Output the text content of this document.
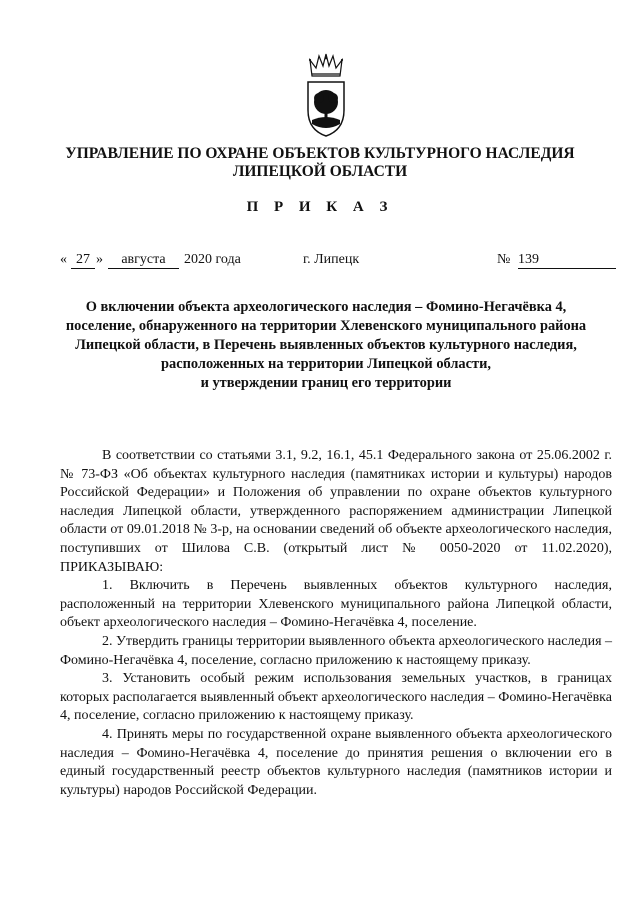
УПРАВЛЕНИЕ ПО ОХРАНЕ ОБЪЕКТОВ КУЛЬТУРНОГО НАСЛЕДИЯ
ЛИПЕЦКОЙ ОБЛАСТИ
П Р И К А З
« 27 »	августа	2020 года	г. Липецк	№ 139
О включении объекта археологического наследия – Фомино-Негачёвка 4,
поселение, обнаруженного на территории Хлевенского муниципального района
Липецкой области, в Перечень выявленных объектов культурного наследия,
расположенных на территории Липецкой области,
и утверждении границ его территории

В соответствии со статьями 3.1, 9.2, 16.1, 45.1 Федерального закона от 25.06.2002 г. № 73-ФЗ «Об объектах культурного наследия (памятниках истории и культуры) народов Российской Федерации» и Положения об управлении по охране объектов культурного наследия Липецкой области, утвержденного распоряжением администрации Липецкой области от 09.01.2018 № 3-р, на основании сведений об объекте археологического наследия, поступивших от Шилова С.В. (открытый лист № 0050-2020 от 11.02.2020), ПРИКАЗЫВАЮ:

1. Включить в Перечень выявленных объектов культурного наследия, расположенный на территории Хлевенского муниципального района Липецкой области, объект археологического наследия – Фомино-Негачёвка 4, поселение.

2. Утвердить границы территории выявленного объекта археологического наследия – Фомино-Негачёвка 4, поселение, согласно приложению к настоящему приказу.

3. Установить особый режим использования земельных участков, в границах которых располагается выявленный объект археологического наследия – Фомино-Негачёвка 4, поселение, согласно приложению к настоящему приказу.

4. Принять меры по государственной охране выявленного объекта археологического наследия – Фомино-Негачёвка 4, поселение до принятия решения о включении его в единый государственный реестр объектов культурного наследия (памятников истории и культуры) народов Российской Федерации.
